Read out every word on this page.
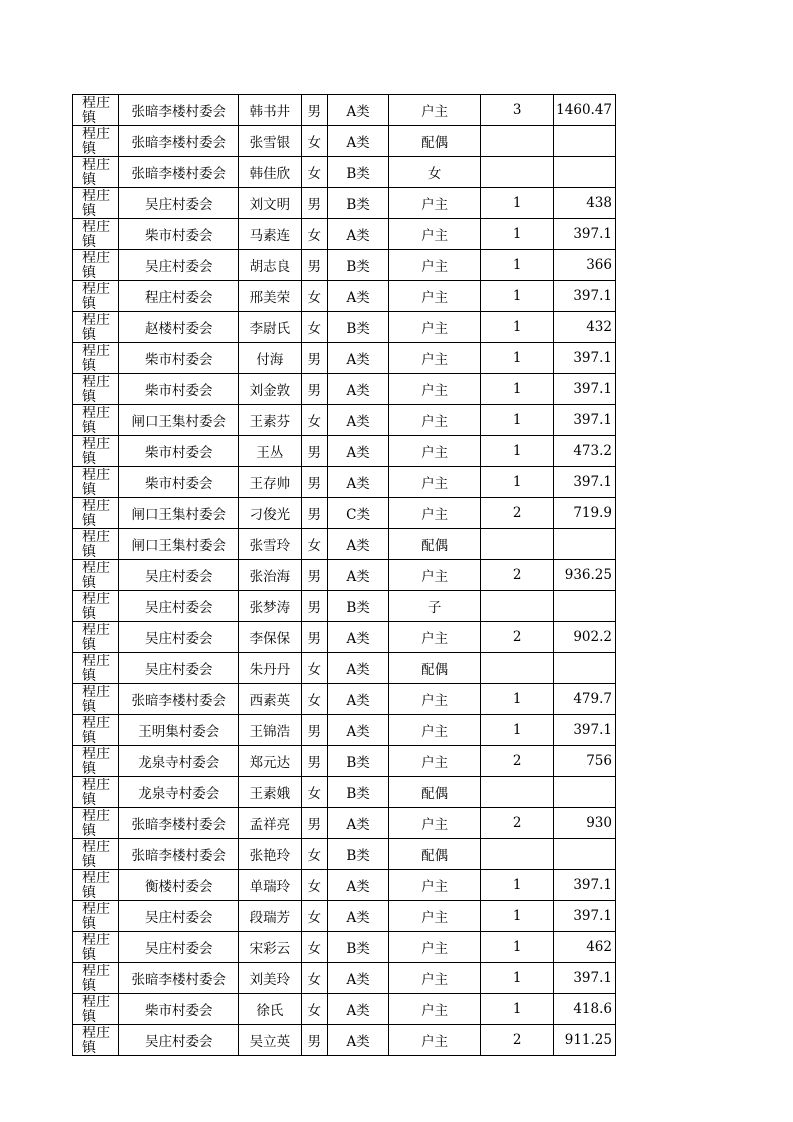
程庄镇	张暗李楼村委会	韩书井	男	A类	户主	3	1460.47

程庄镇	张暗李楼村委会	张雪银	女	A类	配偶		

程庄镇	张暗李楼村委会	韩佳欣	女	B类	女		

程庄镇	吴庄村委会	刘文明	男	B类	户主	1	438

程庄镇	柴市村委会	马素连	女	A类	户主	1	397.1

程庄镇	吴庄村委会	胡志良	男	B类	户主	1	366

程庄镇	程庄村委会	邢美荣	女	A类	户主	1	397.1

程庄镇	赵楼村委会	李尉氏	女	B类	户主	1	432

程庄镇	柴市村委会	付海	男	A类	户主	1	397.1

程庄镇	柴市村委会	刘金敦	男	A类	户主	1	397.1

程庄镇	闸口王集村委会	王素芬	女	A类	户主	1	397.1

程庄镇	柴市村委会	王丛	男	A类	户主	1	473.2

程庄镇	柴市村委会	王存帅	男	A类	户主	1	397.1

程庄镇	闸口王集村委会	刁俊光	男	C类	户主	2	719.9

程庄镇	闸口王集村委会	张雪玲	女	A类	配偶		

程庄镇	吴庄村委会	张治海	男	A类	户主	2	936.25

程庄镇	吴庄村委会	张梦涛	男	B类	子		

程庄镇	吴庄村委会	李保保	男	A类	户主	2	902.2

程庄镇	吴庄村委会	朱丹丹	女	A类	配偶		

程庄镇	张暗李楼村委会	西素英	女	A类	户主	1	479.7

程庄镇	王明集村委会	王锦浩	男	A类	户主	1	397.1

程庄镇	龙泉寺村委会	郑元达	男	B类	户主	2	756

程庄镇	龙泉寺村委会	王素娥	女	B类	配偶		

程庄镇	张暗李楼村委会	孟祥亮	男	A类	户主	2	930

程庄镇	张暗李楼村委会	张艳玲	女	B类	配偶		

程庄镇	衡楼村委会	单瑞玲	女	A类	户主	1	397.1

程庄镇	吴庄村委会	段瑞芳	女	A类	户主	1	397.1

程庄镇	吴庄村委会	宋彩云	女	B类	户主	1	462

程庄镇	张暗李楼村委会	刘美玲	女	A类	户主	1	397.1

程庄镇	柴市村委会	徐氏	女	A类	户主	1	418.6

程庄镇	吴庄村委会	吴立英	男	A类	户主	2	911.25
